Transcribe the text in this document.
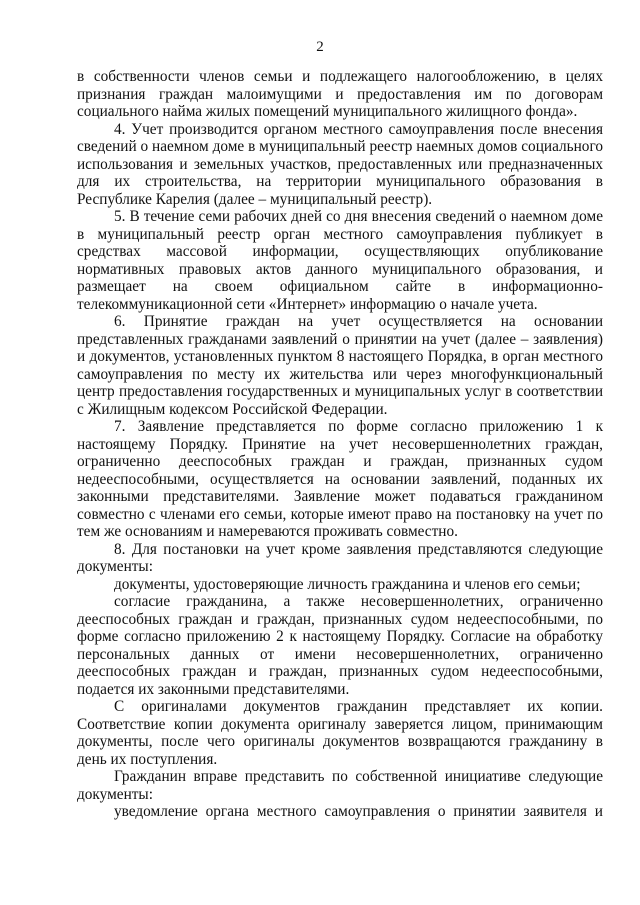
2

в собственности членов семьи и подлежащего налогообложению, в целях признания граждан малоимущими и предоставления им по договорам социального найма жилых помещений муниципального жилищного фонда».

4. Учет производится органом местного самоуправления после внесения сведений о наемном доме в муниципальный реестр наемных домов социального использования и земельных участков, предоставленных или предназначенных для их строительства, на территории муниципального образования в Республике Карелия (далее – муниципальный реестр).

5. В течение семи рабочих дней со дня внесения сведений о наемном доме в муниципальный реестр орган местного самоуправления публикует в средствах массовой информации, осуществляющих опубликование нормативных правовых актов данного муниципального образования, и размещает на своем официальном сайте в информационно-телекоммуникационной сети «Интернет» информацию о начале учета.

6. Принятие граждан на учет осуществляется на основании представленных гражданами заявлений о принятии на учет (далее – заявления) и документов, установленных пунктом 8 настоящего Порядка, в орган местного самоуправления по месту их жительства или через многофункциональный центр предоставления государственных и муниципальных услуг в соответствии с Жилищным кодексом Российской Федерации.

7. Заявление представляется по форме согласно приложению 1 к настоящему Порядку. Принятие на учет несовершеннолетних граждан, ограниченно дееспособных граждан и граждан, признанных судом недееспособными, осуществляется на основании заявлений, поданных их законными представителями. Заявление может подаваться гражданином совместно с членами его семьи, которые имеют право на постановку на учет по тем же основаниям и намереваются проживать совместно.

8. Для постановки на учет кроме заявления представляются следующие документы:

документы, удостоверяющие личность гражданина и членов его семьи;

согласие гражданина, а также несовершеннолетних, ограниченно дееспособных граждан и граждан, признанных судом недееспособными, по форме согласно приложению 2 к настоящему Порядку. Согласие на обработку персональных данных от имени несовершеннолетних, ограниченно дееспособных граждан и граждан, признанных судом недееспособными, подается их законными представителями.

С оригиналами документов гражданин представляет их копии. Соответствие копии документа оригиналу заверяется лицом, принимающим документы, после чего оригиналы документов возвращаются гражданину в день их поступления.

Гражданин вправе представить по собственной инициативе следующие документы:

уведомление органа местного самоуправления о принятии заявителя и
